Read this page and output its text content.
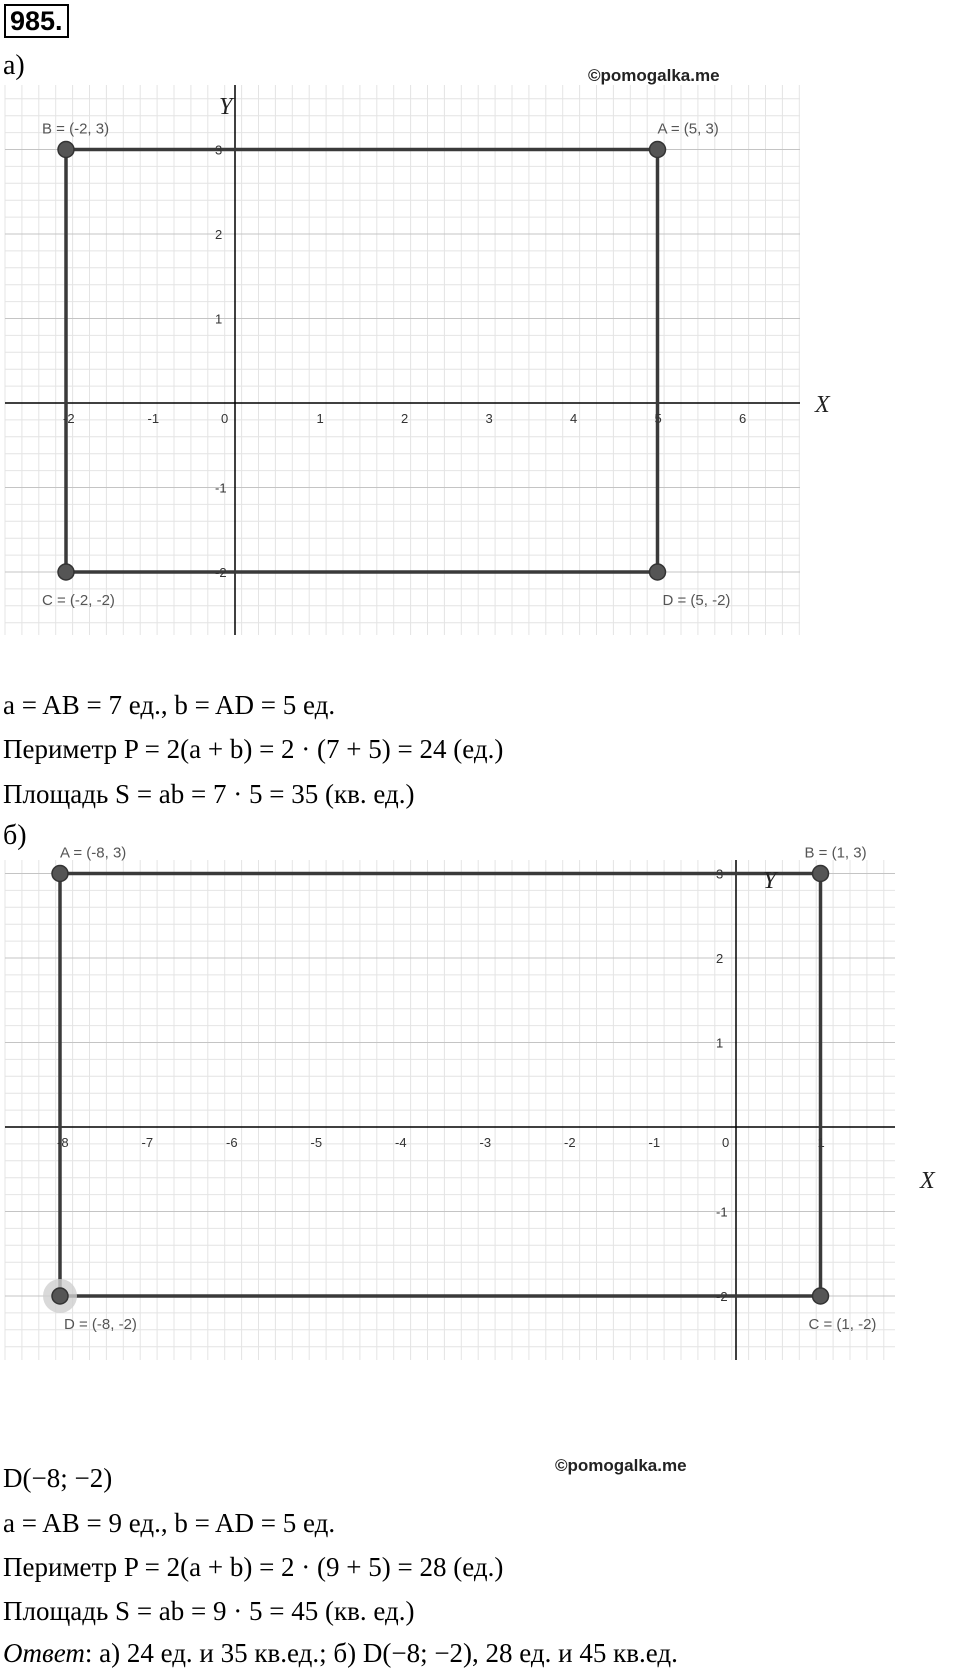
985.
а)	©pomogalka.me
-2	-1	0	1	2	3	4	5	6
3
2
1
-1
-2
B = (-2, 3)	A = (5, 3)
C = (-2, -2)	D = (5, -2)
X
Y
a = AB = 7 ед., b = AD = 5 ед.
Периметр P = 2(a + b) = 2 · (7 + 5) = 24 (ед.)
Площадь S = ab = 7 · 5 = 35 (кв. ед.)
б)
-8	-7	-6	-5	-4	-3	-2	-1	0	1
3
2
1
-1
-2
A = (-8, 3)	B = (1, 3)
D = (-8, -2)	C = (1, -2)
X
Y
©pomogalka.me
D(−8; −2)
a = AB = 9 ед., b = AD = 5 ед.
Периметр P = 2(a + b) = 2 · (9 + 5) = 28 (ед.)
Площадь S = ab = 9 · 5 = 45 (кв. ед.)
Ответ: а) 24 ед. и 35 кв.ед.; б) D(−8; −2), 28 ед. и 45 кв.ед.
